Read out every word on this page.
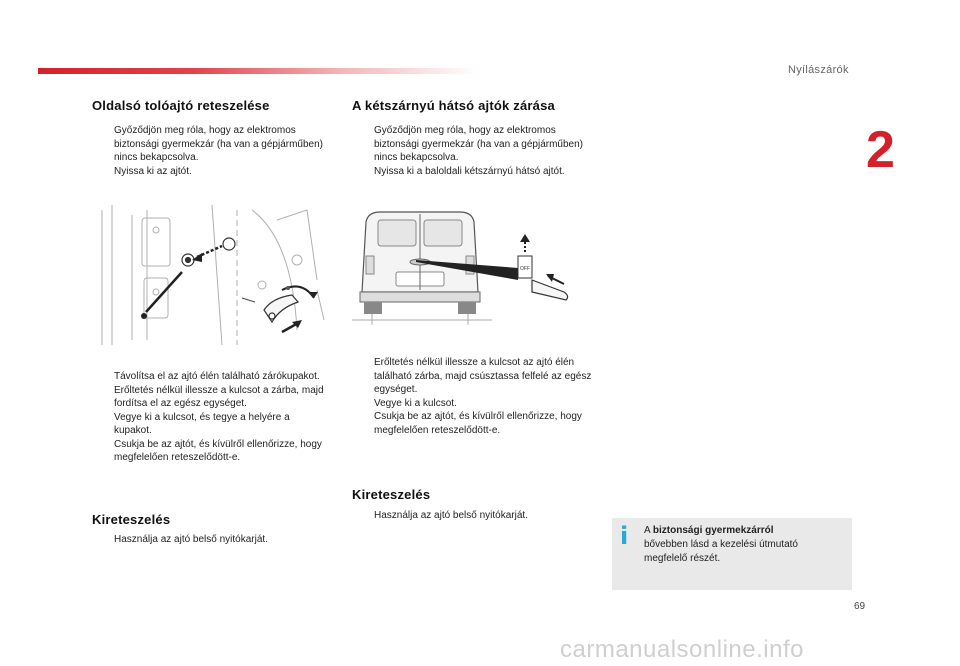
Nyílászárók
2
Oldalsó tolóajtó reteszelése
Győződjön meg róla, hogy az elektromos biztonsági gyermekzár (ha van a gépjárműben) nincs bekapcsolva.
Nyissa ki az ajtót.
Távolítsa el az ajtó élén található zárókupakot.
Erőltetés nélkül illessze a kulcsot a zárba, majd fordítsa el az egész egységet.
Vegye ki a kulcsot, és tegye a helyére a kupakot.
Csukja be az ajtót, és kívülről ellenőrizze, hogy megfelelően reteszelődött-e.
Kireteszelés
Használja az ajtó belső nyitókarját.
A kétszárnyú hátsó ajtók zárása
Győződjön meg róla, hogy az elektromos biztonsági gyermekzár (ha van a gépjárműben) nincs bekapcsolva.
Nyissa ki a baloldali kétszárnyú hátsó ajtót.
OFF
Erőltetés nélkül illessze a kulcsot az ajtó élén található zárba, majd csúsztassa felfelé az egész egységet.
Vegye ki a kulcsot.
Csukja be az ajtót, és kívülről ellenőrizze, hogy megfelelően reteszelődött-e.
Kireteszelés
Használja az ajtó belső nyitókarját.
i A biztonsági gyermekzárról
bővebben lásd a kezelési útmutató megfelelő részét.
69
carmanualsonline.info
